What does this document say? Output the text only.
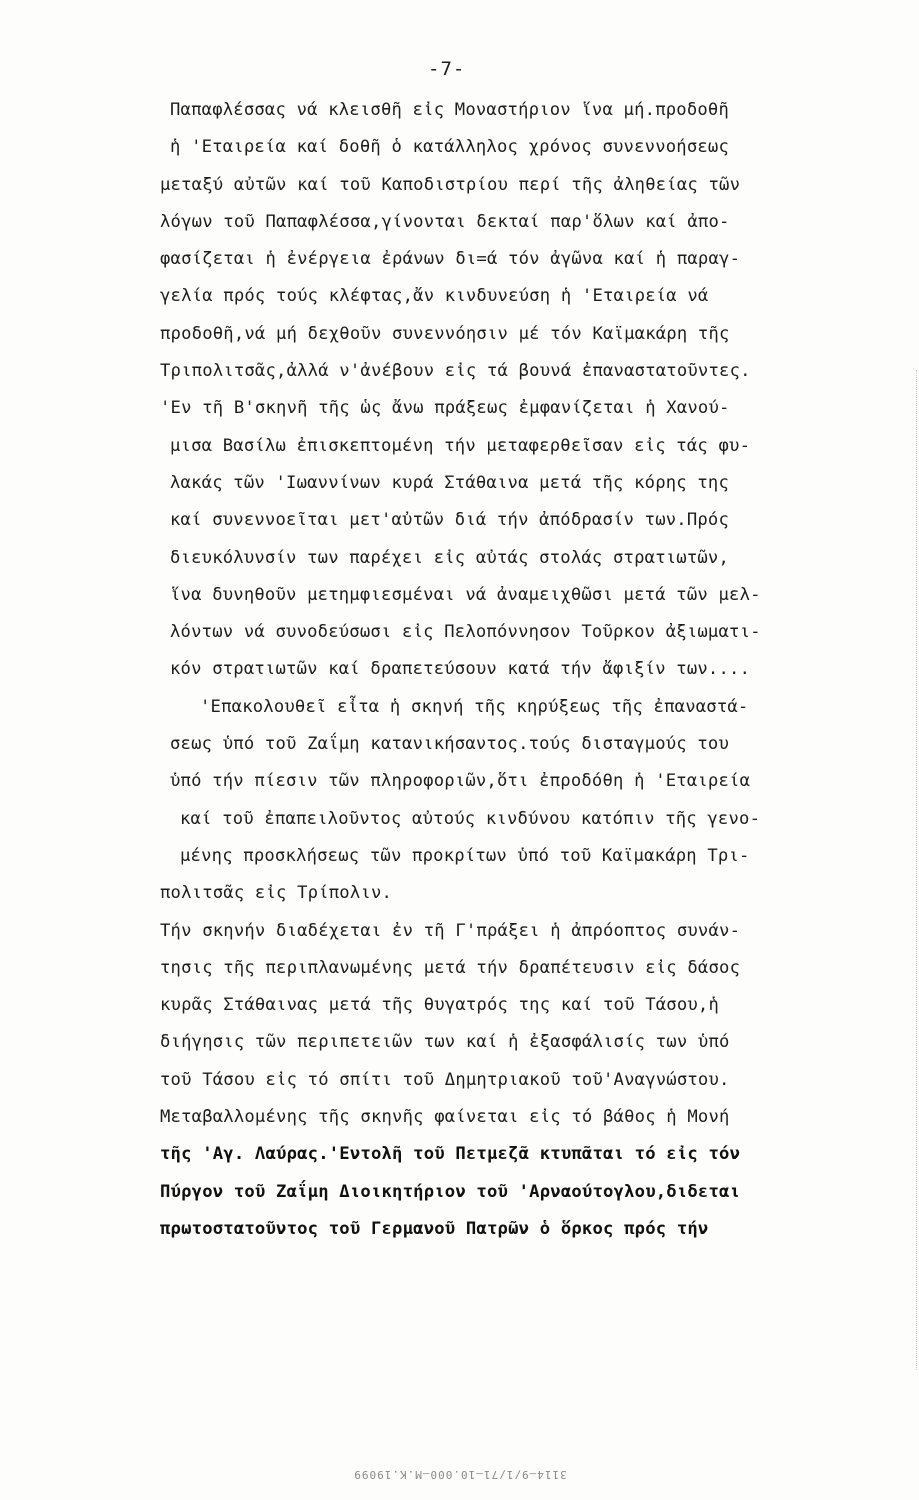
-7-
Παπαφλέσσας νά κλεισθῆ εἰς Μοναστήριον ἵνα μή.προδοθῆ
ἡ 'Εταιρεία καί δοθῆ ὁ κατάλληλος χρόνος συνεννοήσεως
μεταξύ αὐτῶν καί τοῦ Καποδιστρίου περί τῆς ἀληθείας τῶν
λόγων τοῦ Παπαφλέσσα,γίνονται δεκταί παρ'ὅλων καί ἀπο-
φασίζεται ἡ ἐνέργεια ἐράνων δι=ά τόν ἀγῶνα καί ἡ παραγ-
γελία πρός τούς κλέφτας,ἄν κινδυνεύση ἡ 'Εταιρεία νά
προδοθῆ,νά μή δεχθοῦν συνεννόησιν μέ τόν Καϊμακάρη τῆς
Τριπολιτσᾶς,ἀλλά ν'ἀνέβουν εἰς τά βουνά ἐπαναστατοῦντες.
'Εν τῆ Β'σκηνῆ τῆς ὡς ἄνω πράξεως ἐμφανίζεται ἡ Χανού-
μισα Βασίλω ἐπισκεπτομένη τήν μεταφερθεῖσαν εἰς τάς φυ-
λακάς τῶν 'Ιωαννίνων κυρά Στάθαινα μετά τῆς κόρης της
καί συνεννοεῖται μετ'αὐτῶν διά τήν ἀπόδρασίν των.Πρός
διευκόλυνσίν των παρέχει εἰς αὐτάς στολάς στρατιωτῶν,
ἵνα δυνηθοῦν μετημφιεσμέναι νά ἀναμειχθῶσι μετά τῶν μελ-
λόντων νά συνοδεύσωσι εἰς Πελοπόννησον Τοῦρκον ἀξιωματι-
κόν στρατιωτῶν καί δραπετεύσουν κατά τήν ἄφιξίν των....
'Επακολουθεῖ εἶτα ἡ σκηνή τῆς κηρύξεως τῆς ἐπαναστά-
σεως ὑπό τοῦ Ζαΐμη κατανικήσαντος.τούς δισταγμούς του
ὑπό τήν πίεσιν τῶν πληροφοριῶν,ὅτι ἐπροδόθη ἡ 'Εταιρεία
καί τοῦ ἐπαπειλοῦντος αὐτούς κινδύνου κατόπιν τῆς γενο-
μένης προσκλήσεως τῶν προκρίτων ὑπό τοῦ Καϊμακάρη Τρι-
πολιτσᾶς εἰς Τρίπολιν.
Τήν σκηνήν διαδέχεται ἐν τῆ Γ'πράξει ἡ ἀπρόοπτος συνάν-
τησις τῆς περιπλανωμένης μετά τήν δραπέτευσιν εἰς δάσος
κυρᾶς Στάθαινας μετά τῆς θυγατρός της καί τοῦ Τάσου,ἡ
διήγησις τῶν περιπετειῶν των καί ἡ ἐξασφάλισίς των ὑπό
τοῦ Τάσου εἰς τό σπίτι τοῦ Δημητριακοῦ τοῦ'Αναγνώστου.
Μεταβαλλομένης τῆς σκηνῆς φαίνεται εἰς τό βάθος ἡ Μονή
τῆς 'Αγ. Λαύρας.'Εντολῆ τοῦ Πετμεζᾶ κτυπᾶται τό εἰς τόν
Πύργον τοῦ Ζαΐμη Διοικητήριον τοῦ 'Αρναούτογλου,διδεται
πρωτοστατοῦντος τοῦ Γερμανοῦ Πατρῶν ὁ ὅρκος πρός τήν
3114—9/1/71—10.000—Μ.Κ.19099
